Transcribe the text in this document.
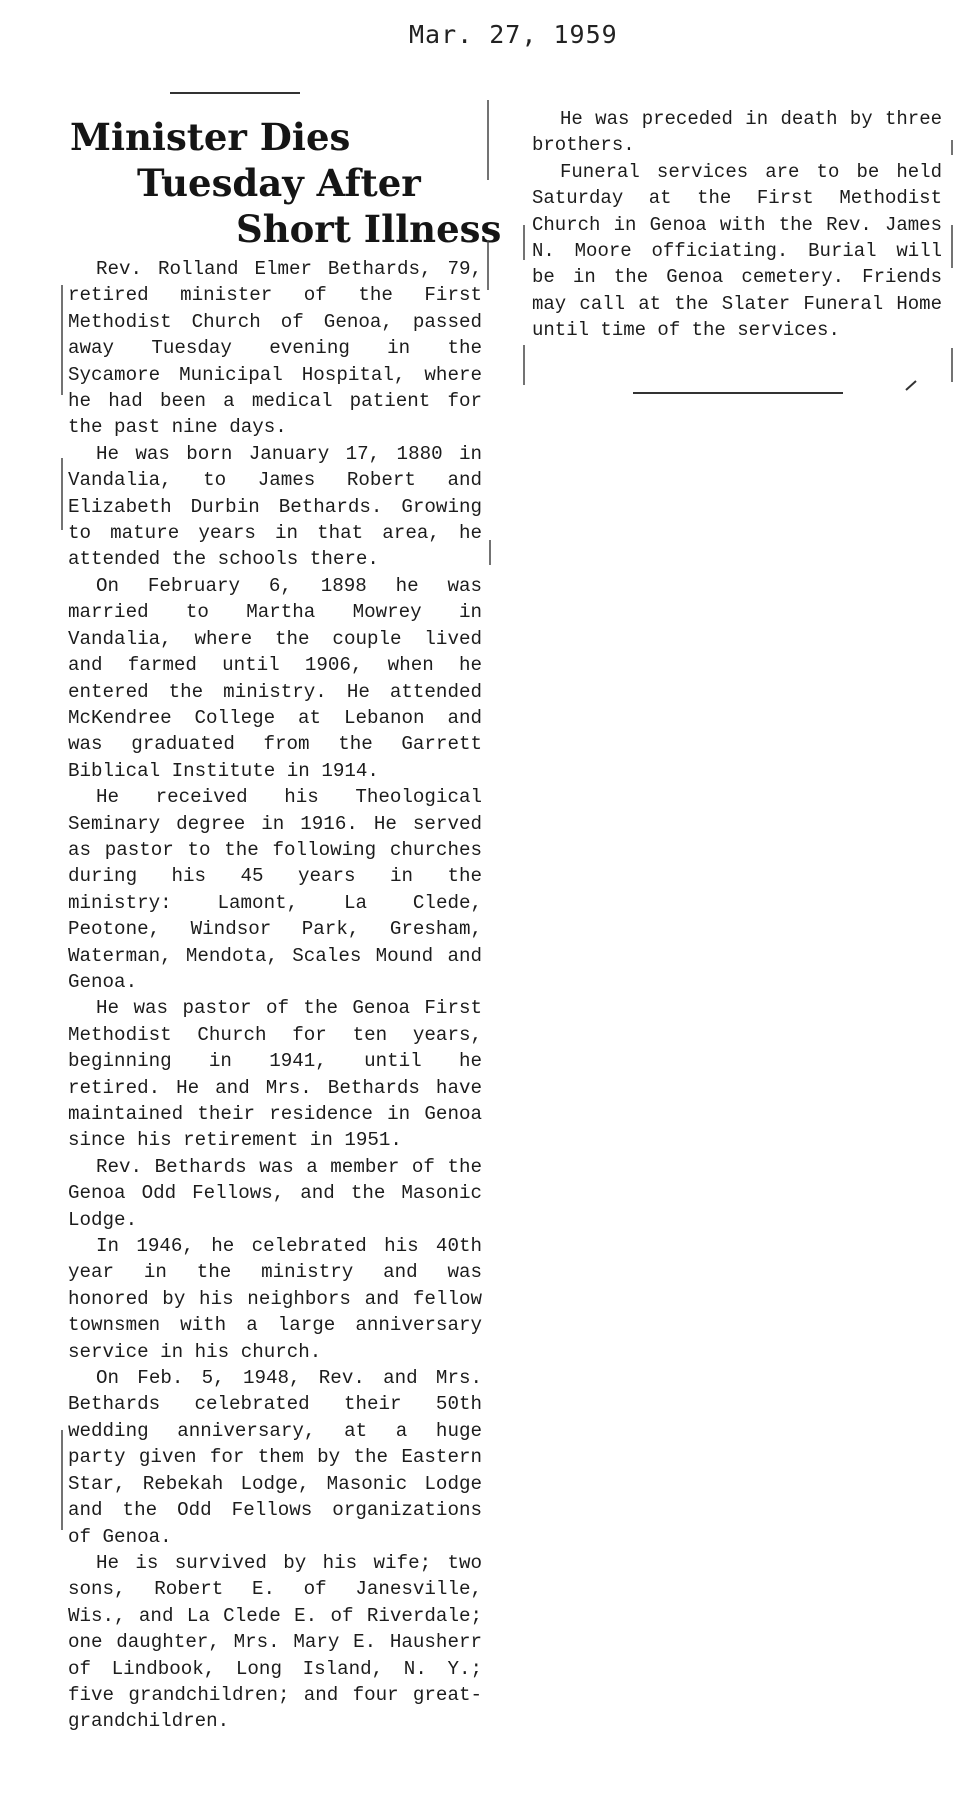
Mar. 27, 1959
Minister Dies
Tuesday After
Short Illness

Rev. Rolland Elmer Bethards, 79, retired minister of the First Methodist Church of Genoa, passed away Tuesday evening in the Sycamore Municipal Hospital, where he had been a medical patient for the past nine days.

He was born January 17, 1880 in Vandalia, to James Robert and Elizabeth Durbin Bethards. Growing to mature years in that area, he attended the schools there.

On February 6, 1898 he was married to Martha Mowrey in Vandalia, where the couple lived and farmed until 1906, when he entered the ministry. He attended McKendree College at Lebanon and was graduated from the Garrett Biblical Institute in 1914.

He received his Theological Seminary degree in 1916. He served as pastor to the following churches during his 45 years in the ministry: Lamont, La Clede, Peotone, Windsor Park, Gresham, Waterman, Mendota, Scales Mound and Genoa.

He was pastor of the Genoa First Methodist Church for ten years, beginning in 1941, until he retired. He and Mrs. Bethards have maintained their residence in Genoa since his retirement in 1951.

Rev. Bethards was a member of the Genoa Odd Fellows, and the Masonic Lodge.

In 1946, he celebrated his 40th year in the ministry and was honored by his neighbors and fellow townsmen with a large anniversary service in his church.

On Feb. 5, 1948, Rev. and Mrs. Bethards celebrated their 50th wedding anniversary, at a huge party given for them by the Eastern Star, Rebekah Lodge, Masonic Lodge and the Odd Fellows organizations of Genoa.

He is survived by his wife; two sons, Robert E. of Janesville, Wis., and La Clede E. of Riverdale; one daughter, Mrs. Mary E. Hausherr of Lindbook, Long Island, N. Y.; five grandchildren; and four great-grandchildren.

He was preceded in death by three brothers.

Funeral services are to be held Saturday at the First Methodist Church in Genoa with the Rev. James N. Moore officiating. Burial will be in the Genoa cemetery. Friends may call at the Slater Funeral Home until time of the services.
